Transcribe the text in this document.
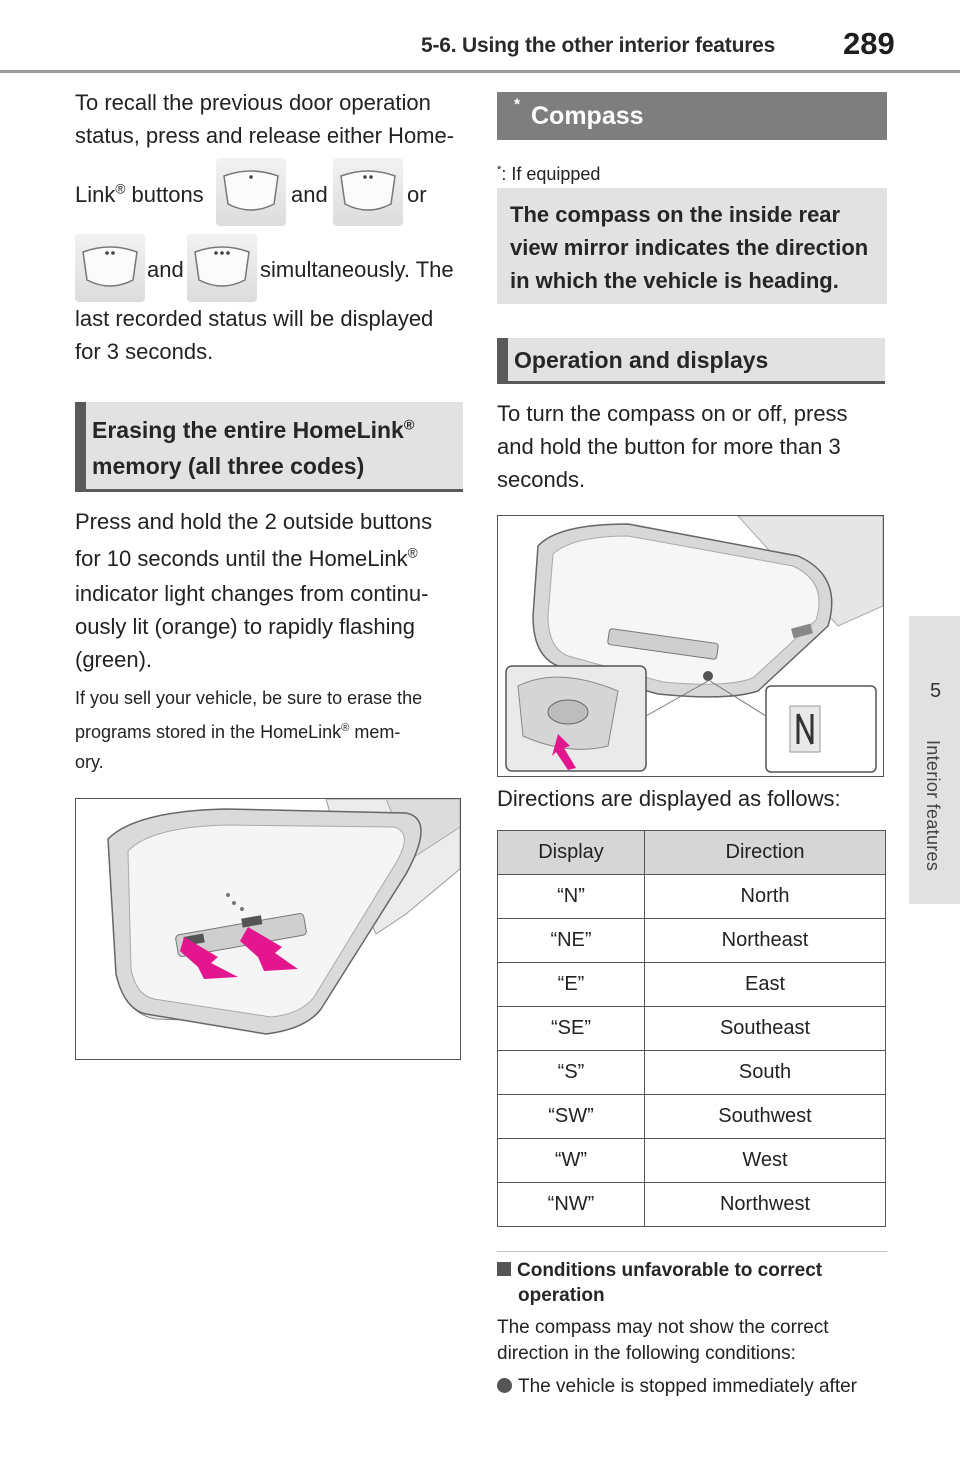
5-6. Using the other interior features 289
5
Interior features
To recall the previous door operation
status, press and release either Home-
Link® buttons	and	or
and	simultaneously. The
last recorded status will be displayed
for 3 seconds.
Erasing the entire HomeLink®
memory (all three codes)
Press and hold the 2 outside buttons
for 10 seconds until the HomeLink®
indicator light changes from continu-
ously lit (orange) to rapidly flashing
(green).
If you sell your vehicle, be sure to erase the
programs stored in the HomeLink® mem-
ory.
Compass
*
*: If equipped
The compass on the inside rear view mirror indicates the direction in which the vehicle is heading.
Operation and displays
To turn the compass on or off, press
and hold the button for more than 3
seconds.
Directions are displayed as follows:
Display	Direction
“N”	North
“NE”	Northeast
“E”	East
“SE”	Southeast
“S”	South
“SW”	Southwest
“W”	West
“NW”	Northwest
Conditions unfavorable to correct
operation
The compass may not show the correct
direction in the following conditions:
The vehicle is stopped immediately after
